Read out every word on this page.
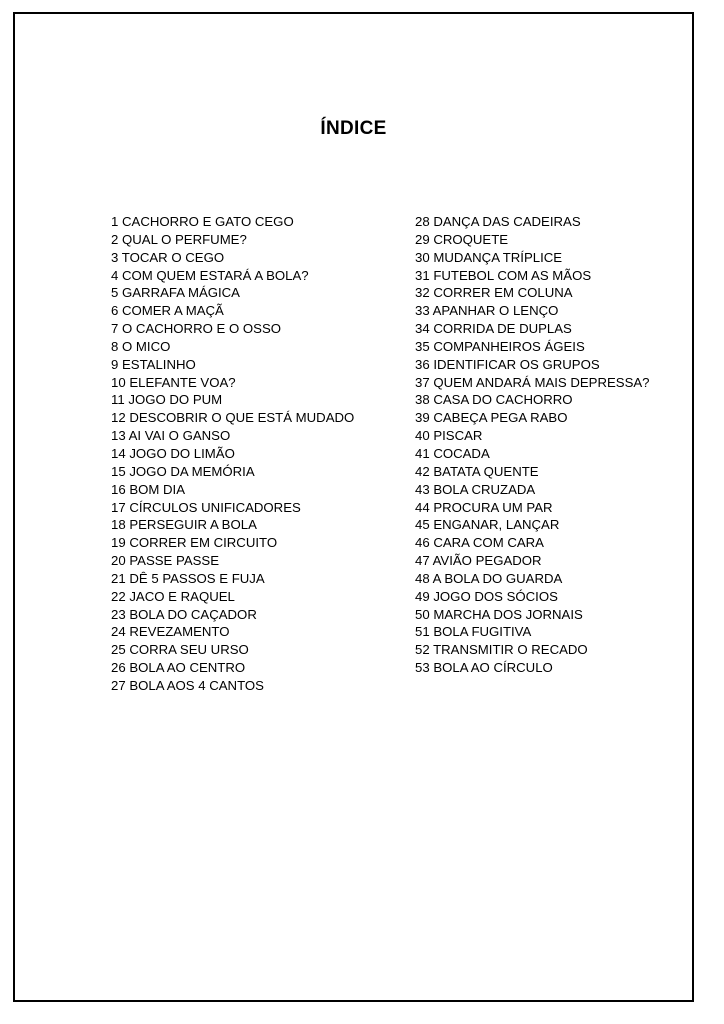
ÍNDICE
1 CACHORRO E GATO CEGO
2 QUAL O PERFUME?
3 TOCAR O CEGO
4 COM QUEM ESTARÁ A BOLA?
5 GARRAFA MÁGICA
6 COMER A MAÇÃ
7 O CACHORRO E O OSSO
8 O MICO
9 ESTALINHO
10 ELEFANTE VOA?
11 JOGO DO PUM
12 DESCOBRIR O QUE ESTÁ MUDADO
13 AI VAI O GANSO
14 JOGO DO LIMÃO
15 JOGO DA MEMÓRIA
16 BOM DIA
17 CÍRCULOS UNIFICADORES
18 PERSEGUIR A BOLA
19 CORRER EM CIRCUITO
20 PASSE PASSE
21 DÊ 5 PASSOS E FUJA
22 JACO E RAQUEL
23 BOLA DO CAÇADOR
24 REVEZAMENTO
25 CORRA SEU URSO
26 BOLA AO CENTRO
27 BOLA AOS 4 CANTOS
28 DANÇA DAS CADEIRAS
29 CROQUETE
30 MUDANÇA TRÍPLICE
31 FUTEBOL COM AS MÃOS
32 CORRER EM COLUNA
33 APANHAR O LENÇO
34 CORRIDA DE DUPLAS
35 COMPANHEIROS ÁGEIS
36 IDENTIFICAR OS GRUPOS
37 QUEM ANDARÁ MAIS DEPRESSA?
38 CASA DO CACHORRO
39 CABEÇA PEGA RABO
40 PISCAR
41 COCADA
42 BATATA QUENTE
43 BOLA CRUZADA
44 PROCURA UM PAR
45 ENGANAR, LANÇAR
46 CARA COM CARA
47 AVIÃO PEGADOR
48 A BOLA DO GUARDA
49 JOGO DOS SÓCIOS
50 MARCHA DOS JORNAIS
51 BOLA FUGITIVA
52 TRANSMITIR O RECADO
53 BOLA AO CÍRCULO
